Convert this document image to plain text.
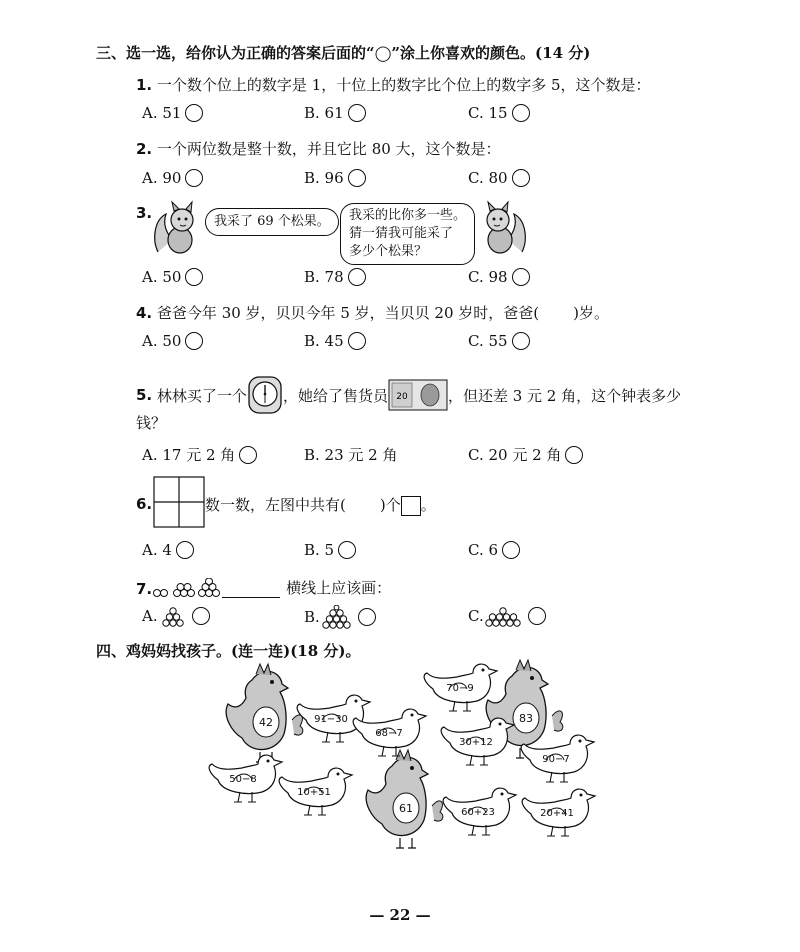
三、选一选，给你认为正确的答案后面的“◯”涂上你喜欢的颜色。(14 分)
1. 一个数个位上的数字是 1，十位上的数字比个位上的数字多 5，这个数是：
A. 51	B. 61	C. 15
2. 一个两位数是整十数，并且它比 80 大，这个数是：
A. 90	B. 96	C. 80
3.	我采了 69 个松果。	我采的比你多一些。
猜一猜我可能采了
多少个松果？
A. 50	B. 78	C. 98
4. 爸爸今年 30 岁，贝贝今年 5 岁，当贝贝 20 岁时，爸爸( )岁。
A. 50	B. 45	C. 55
5.
林林买了一个 ，她给了售货员 20	，但还差 3 元 2 角，这个钟表多少
钱？
A. 17 元 2 角	B. 23 元 2 角	C. 20 元 2 角
6.	数一数，左图中共有( )个 。
A. 4	B. 5	C. 6
7.	横线上应该画：
A.	B.	C.
四、鸡妈妈找孩子。(连一连)(18 分)。
42	83
61
70−9
91−30
68−7
30+12
90−7
50−8
10+51
60+23	20+41
— 22 —
